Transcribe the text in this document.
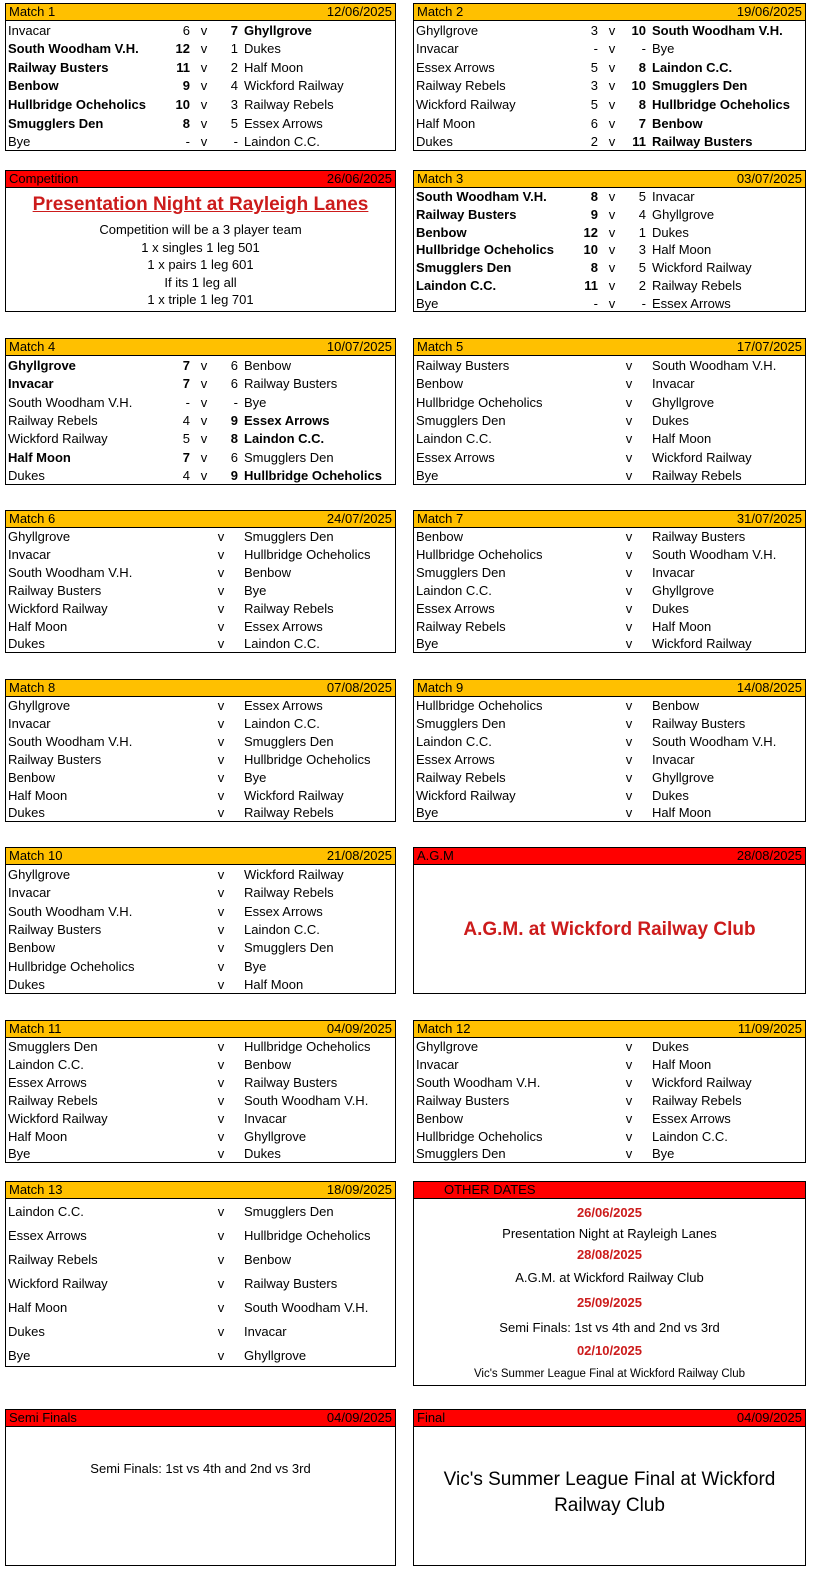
Match 1	12/06/2025
Invacar	6 v	7 Ghyllgrove
South Woodham V.H.	12 v	1 Dukes
Railway Busters	11 v	2 Half Moon
Benbow	9 v	4 Wickford Railway
Hullbridge Ocheholics	10 v	3 Railway Rebels
Smugglers Den	8 v	5 Essex Arrows
Bye	- v	- Laindon C.C.
Match 2	19/06/2025
Ghyllgrove	3 v	10 South Woodham V.H.
Invacar	- v	- Bye
Essex Arrows	5 v	8 Laindon C.C.
Railway Rebels	3 v	10 Smugglers Den
Wickford Railway	5 v	8 Hullbridge Ocheholics
Half Moon	6 v	7 Benbow
Dukes	2 v	11 Railway Busters
Match 3	03/07/2025
South Woodham V.H.	8 v	5 Invacar
Railway Busters	9 v	4 Ghyllgrove
Benbow	12 v	1 Dukes
Hullbridge Ocheholics	10 v	3 Half Moon
Smugglers Den	8 v	5 Wickford Railway
Laindon C.C.	11 v	2 Railway Rebels
Bye	- v	- Essex Arrows
Match 4	10/07/2025
Ghyllgrove	7 v	6 Benbow
Invacar	7 v	6 Railway Busters
South Woodham V.H.	- v	- Bye
Railway Rebels	4 v	9 Essex Arrows
Wickford Railway	5 v	8 Laindon C.C.
Half Moon	7 v	6 Smugglers Den
Dukes	4 v	9 Hullbridge Ocheholics
Match 5	17/07/2025
Railway Busters	v	South Woodham V.H.
Benbow	v	Invacar
Hullbridge Ocheholics	v	Ghyllgrove
Smugglers Den	v	Dukes
Laindon C.C.	v	Half Moon
Essex Arrows	v	Wickford Railway
Bye	v	Railway Rebels
Match 6	24/07/2025
Ghyllgrove	v	Smugglers Den
Invacar	v	Hullbridge Ocheholics
South Woodham V.H.	v	Benbow
Railway Busters	v	Bye
Wickford Railway	v	Railway Rebels
Half Moon	v	Essex Arrows
Dukes	v	Laindon C.C.
Match 7	31/07/2025
Benbow	v	Railway Busters
Hullbridge Ocheholics	v	South Woodham V.H.
Smugglers Den	v	Invacar
Laindon C.C.	v	Ghyllgrove
Essex Arrows	v	Dukes
Railway Rebels	v	Half Moon
Bye	v	Wickford Railway
Match 8	07/08/2025
Ghyllgrove	v	Essex Arrows
Invacar	v	Laindon C.C.
South Woodham V.H.	v	Smugglers Den
Railway Busters	v	Hullbridge Ocheholics
Benbow	v	Bye
Half Moon	v	Wickford Railway
Dukes	v	Railway Rebels
Match 9	14/08/2025
Hullbridge Ocheholics	v	Benbow
Smugglers Den	v	Railway Busters
Laindon C.C.	v	South Woodham V.H.
Essex Arrows	v	Invacar
Railway Rebels	v	Ghyllgrove
Wickford Railway	v	Dukes
Bye	v	Half Moon
Match 10	21/08/2025
Ghyllgrove	v	Wickford Railway
Invacar	v	Railway Rebels
South Woodham V.H.	v	Essex Arrows
Railway Busters	v	Laindon C.C.
Benbow	v	Smugglers Den
Hullbridge Ocheholics	v	Bye
Dukes	v	Half Moon
Match 11	04/09/2025
Smugglers Den	v	Hullbridge Ocheholics
Laindon C.C.	v	Benbow
Essex Arrows	v	Railway Busters
Railway Rebels	v	South Woodham V.H.
Wickford Railway	v	Invacar
Half Moon	v	Ghyllgrove
Bye	v	Dukes
Match 12	11/09/2025
Ghyllgrove	v	Dukes
Invacar	v	Half Moon
South Woodham V.H.	v	Wickford Railway
Railway Busters	v	Railway Rebels
Benbow	v	Essex Arrows
Hullbridge Ocheholics	v	Laindon C.C.
Smugglers Den	v	Bye
Match 13	18/09/2025
Laindon C.C.	v	Smugglers Den
Essex Arrows	v	Hullbridge Ocheholics
Railway Rebels	v	Benbow
Wickford Railway	v	Railway Busters
Half Moon	v	South Woodham V.H.
Dukes	v	Invacar
Bye	v	Ghyllgrove
Competition	26/06/2025
Presentation Night at Rayleigh Lanes
Competition will be a 3 player team
1 x singles 1 leg 501
1 x pairs 1 leg 601
If its 1 leg all
1 x triple 1 leg 701
A.G.M	28/08/2025
A.G.M. at Wickford Railway Club
OTHER DATES
26/06/2025
Presentation Night at Rayleigh Lanes
28/08/2025
A.G.M. at Wickford Railway Club
25/09/2025
Semi Finals: 1st vs 4th and 2nd vs 3rd
02/10/2025
Vic's Summer League Final at Wickford Railway Club
Semi Finals	04/09/2025
Semi Finals: 1st vs 4th and 2nd vs 3rd
Final	04/09/2025
Vic's Summer League Final at Wickford Railway Club
